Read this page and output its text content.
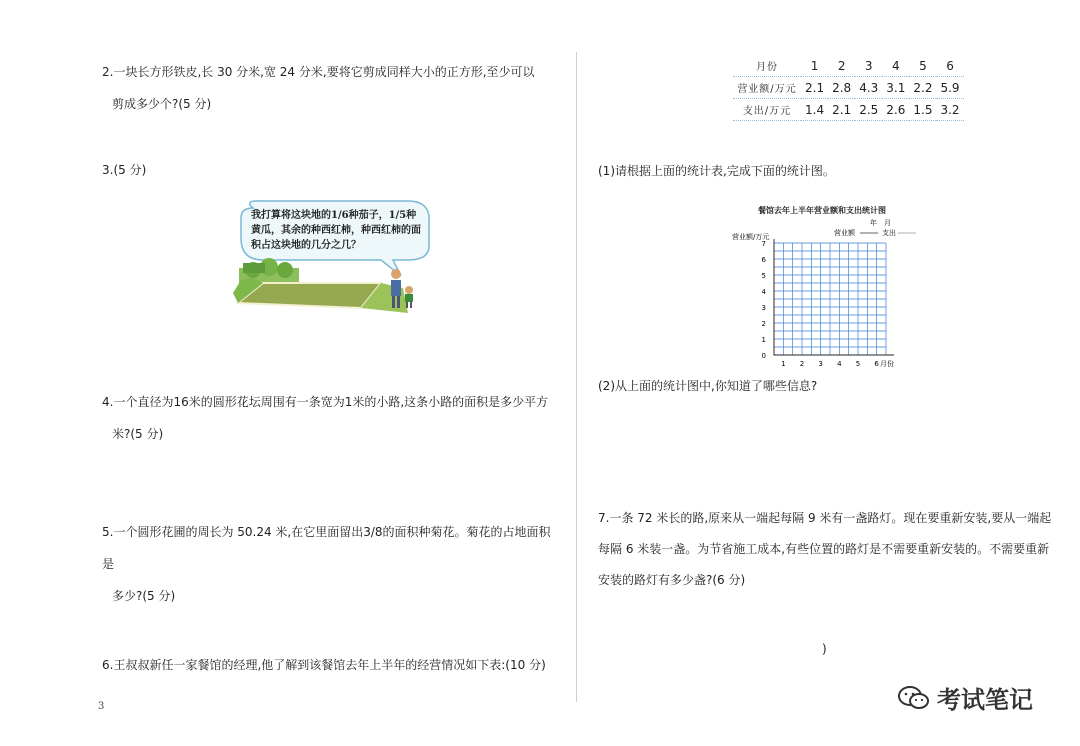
2.一块长方形铁皮,长 30 分米,宽 24 分米,要将它剪成同样大小的正方形,至少可以

剪成多少个?(5 分)
3.(5 分)
我打算将这块地的1/6种茄子，1/5种黄瓜，其余的种西红柿，种西红柿的面积占这块地的几分之几？
4.一个直径为16米的圆形花坛周围有一条宽为1米的小路,这条小路的面积是多少平方

米?(5 分)
5.一个圆形花圃的周长为 50.24 米,在它里面留出3/8的面积种菊花。菊花的占地面积是

多少?(5 分)
6.王叔叔新任一家餐馆的经理,他了解到该餐馆去年上半年的经营情况如下表:(10 分)
3
月份	1	2	3	4	5	6
营业额/万元	2.1	2.8	4.3	3.1	2.2	5.9
支出/万元	1.4	2.1	2.5	2.6	1.5	3.2
(1)请根据上面的统计表,完成下面的统计图。
餐馆去年上半年营业额和支出统计图
年　月
营业额/万元	营业额	支出
0
1
2
3
4
5
6
7
1 2 3 4 5 6 月份
(2)从上面的统计图中,你知道了哪些信息?
7.一条 72 米长的路,原来从一端起每隔 9 米有一盏路灯。现在要重新安装,要从一端起
每隔 6 米装一盏。为节省施工成本,有些位置的路灯是不需要重新安装的。不需要重新
安装的路灯有多少盏?(6 分)
)
考试笔记
